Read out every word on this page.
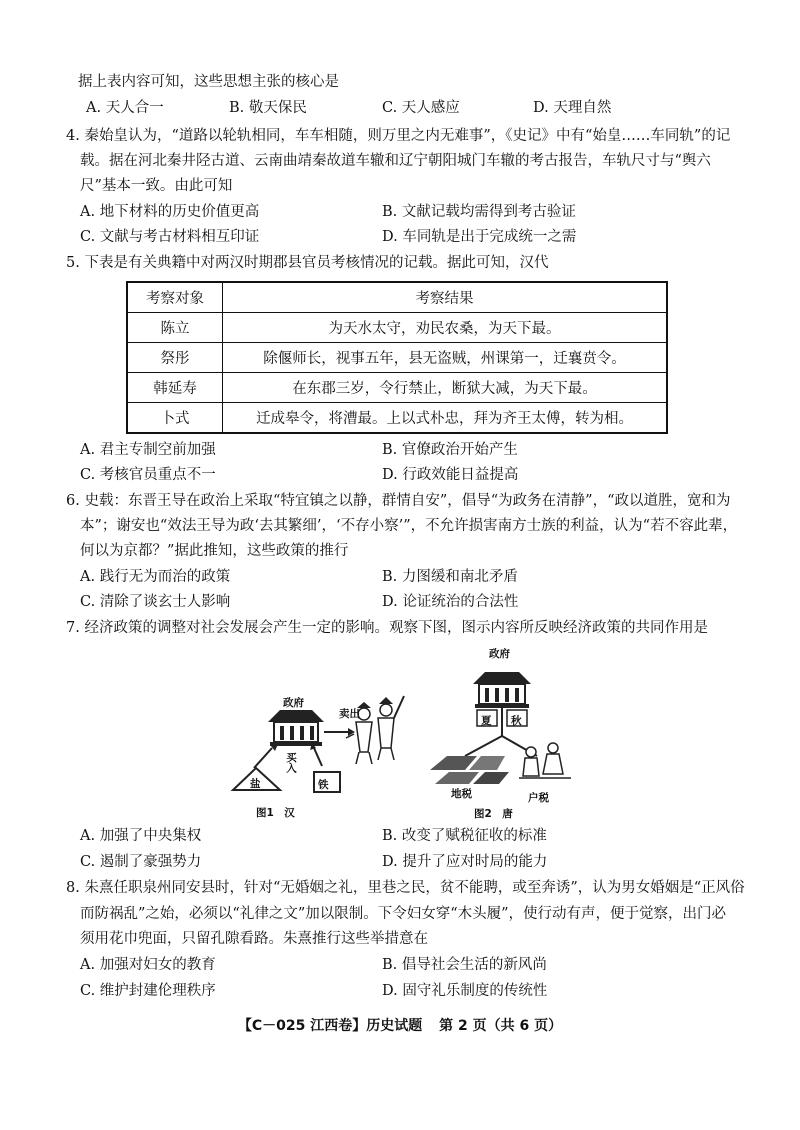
据上表内容可知，这些思想主张的核心是
A. 天人合一	B. 敬天保民	C. 天人感应	D. 天理自然
4. 秦始皇认为，“道路以轮轨相同，车车相随，则万里之内无难事”，《史记》中有“始皇……车同轨”的记
载。据在河北秦井陉古道、云南曲靖秦故道车辙和辽宁朝阳城门车辙的考古报告，车轨尺寸与“舆六
尺”基本一致。由此可知
A. 地下材料的历史价值更高	B. 文献记载均需得到考古验证
C. 文献与考古材料相互印证	D. 车同轨是出于完成统一之需
5. 下表是有关典籍中对两汉时期郡县官员考核情况的记载。据此可知，汉代
考察对象	考察结果
陈立	为天水太守，劝民农桑，为天下最。
祭彤	除偃师长，视事五年，县无盗贼，州课第一，迁襄贲令。
韩延寿	在东郡三岁，令行禁止，断狱大减，为天下最。
卜式	迁成皋令，将漕最。上以式朴忠，拜为齐王太傅，转为相。
A. 君主专制空前加强	B. 官僚政治开始产生
C. 考核官员重点不一	D. 行政效能日益提高
6. 史载：东晋王导在政治上采取“特宜镇之以静，群情自安”，倡导“为政务在清静”，“政以道胜，宽和为
本”；谢安也“效法王导为政‘去其繁细’，‘不存小察’”，不允许损害南方士族的利益，认为“若不容此辈，
何以为京都？”据此推知，这些政策的推行
A. 践行无为而治的政策	B. 力图缓和南北矛盾
C. 清除了谈玄士人影响	D. 论证统治的合法性
7. 经济政策的调整对社会发展会产生一定的影响。观察下图，图示内容所反映经济政策的共同作用是
政府
卖出
买入
盐	铁
图1　汉
政府
夏 秋
地税	户税
图2　唐
A. 加强了中央集权	B. 改变了赋税征收的标准
C. 遏制了豪强势力	D. 提升了应对时局的能力
8. 朱熹任职泉州同安县时，针对“无婚姻之礼，里巷之民，贫不能聘，或至奔诱”，认为男女婚姻是“正风俗
而防祸乱”之始，必须以“礼律之文”加以限制。下令妇女穿“木头履”，使行动有声，便于觉察，出门必
须用花巾兜面，只留孔隙看路。朱熹推行这些举措意在
A. 加强对妇女的教育	B. 倡导社会生活的新风尚
C. 维护封建伦理秩序	D. 固守礼乐制度的传统性
【C－025 江西卷】历史试题 第 2 页（共 6 页）
